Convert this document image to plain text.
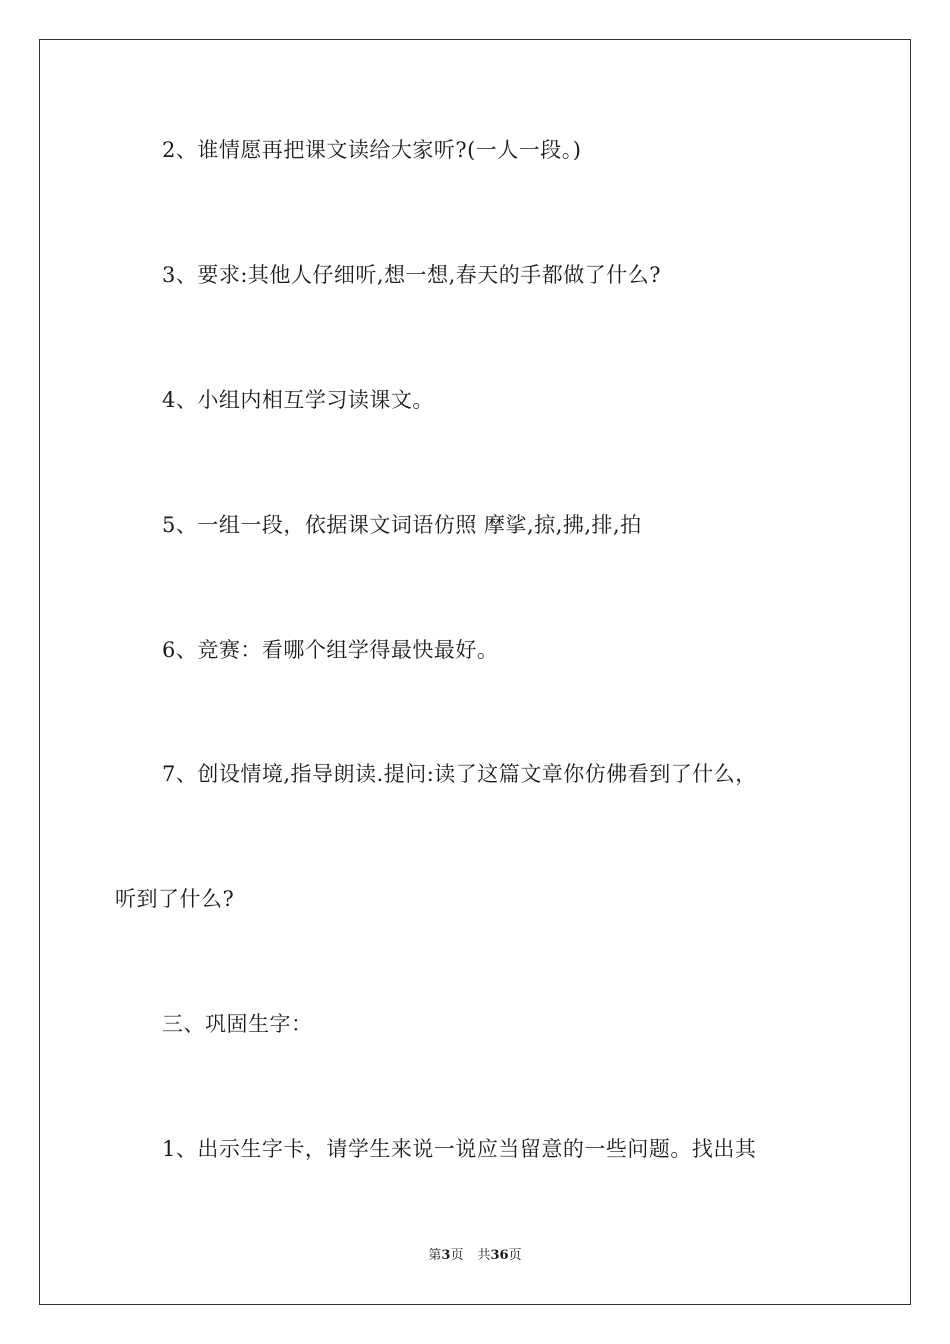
2、谁情愿再把课文读给大家听?(一人一段。)
3、要求:其他人仔细听,想一想,春天的手都做了什么?
4、小组内相互学习读课文。
5、一组一段，依据课文词语仿照 摩挲,掠,拂,排,拍
6、竞赛：看哪个组学得最快最好。
7、创设情境,指导朗读.提问:读了这篇文章你仿佛看到了什么，
听到了什么?
三、巩固生字：
1、出示生字卡，请学生来说一说应当留意的一些问题。找出其
第3页 共36页
